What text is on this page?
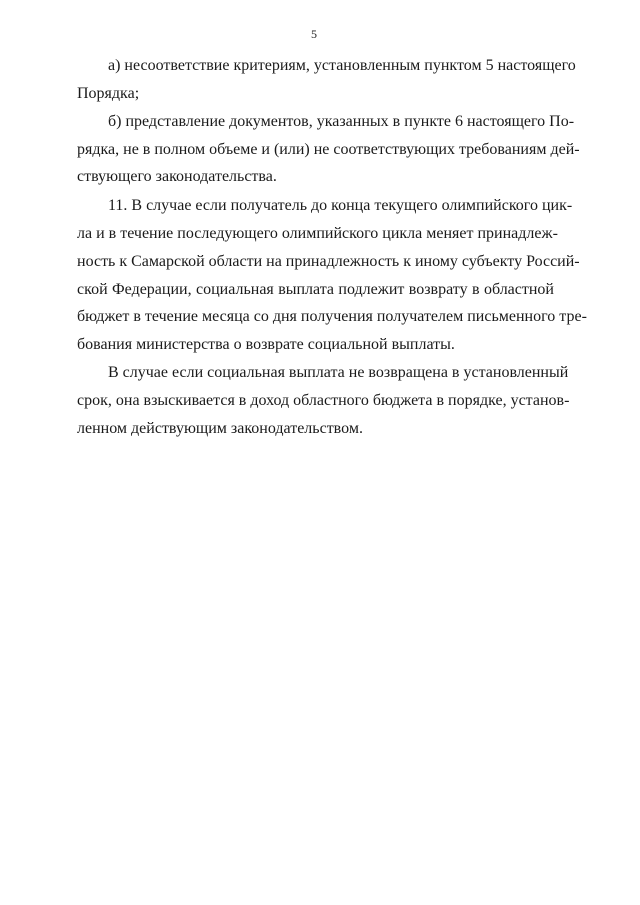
5
а) несоответствие критериям, установленным пунктом 5 настоящего
Порядка;
б) представление документов, указанных в пункте 6 настоящего По-
рядка, не в полном объеме и (или) не соответствующих требованиям дей-
ствующего законодательства.
11. В случае если получатель до конца текущего олимпийского цик-
ла и в течение последующего олимпийского цикла меняет принадлеж-
ность к Самарской области на принадлежность к иному субъекту Россий-
ской Федерации, социальная выплата подлежит возврату в областной
бюджет в течение месяца со дня получения получателем письменного тре-
бования министерства о возврате социальной выплаты.
В случае если социальная выплата не возвращена в установленный
срок, она взыскивается в доход областного бюджета в порядке, установ-
ленном действующим законодательством.
